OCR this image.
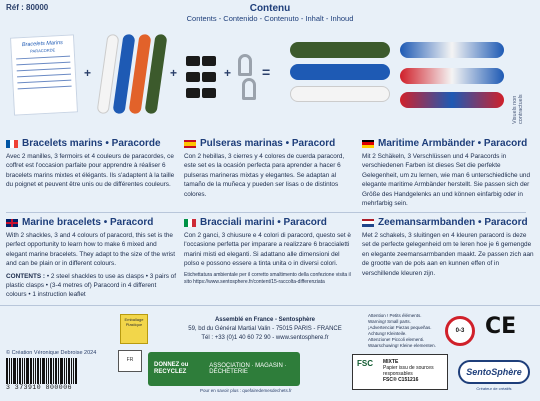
Réf : 80000	Contenu
Contents - Contenido - Contenuto - Inhalt - Inhoud
Bracelets Marins
PARACORDE
+	+	+ =
Visuels non contractuels
Bracelets marins • Paracorde
Avec 2 manilles, 3 fermoirs et 4 couleurs de paracordes, ce coffret est l'occasion parfaite pour apprendre à réaliser 6 bracelets marins mixtes et élégants. Ils s'adaptent à la taille du poignet et peuvent être unis ou de différentes couleurs.
Pulseras marinas • Paracord
Con 2 hebillas, 3 cierres y 4 colores de cuerda paracord, este set es la ocasión perfecta para aprender a hacer 6 pulseras marineras mixtas y elegantes. Se adaptan al tamaño de la muñeca y pueden ser lisas o de distintos colores.
Maritime Armbänder • Paracord
Mit 2 Schäkeln, 3 Verschlüssen und 4 Paracords in verschiedenen Farben ist dieses Set die perfekte Gelegenheit, um zu lernen, wie man 6 unterschiedliche und elegante maritime Armbänder herstellt. Sie passen sich der Größe des Handgelenks an und können einfarbig oder in mehrfarbig sein.
Marine bracelets • Paracord
With 2 shackles, 3 and 4 colours of paracord, this set is the perfect opportunity to learn how to make 6 mixed and elegant marine bracelets. They adapt to the size of the wrist and can be plain or in different colours.
CONTENTS : • 2 steel shackles to use as clasps • 3 pairs of plastic clasps • (3-4 metres of) Paracord in 4 different colours • 1 instruction leaflet
Bracciali marini • Paracord
Con 2 ganci, 3 chiusure e 4 colori di paracord, questo set è l'occasione perfetta per imparare a realizzare 6 braccialetti marini misti ed eleganti. Si adattano alle dimensioni del polso e possono essere a tinta unita o in diversi colori.
Etichettatura ambientale per il corretto smaltimento della confezione visita il sito https://www.sentosphere.fr/content/15-raccolta-differenziata
Zeemansarmbanden • Paracord
Met 2 schakels, 3 sluitingen en 4 kleuren paracord is deze set de perfecte gelegenheid om te leren hoe je 6 gemengde en elegante zeemansarmbanden maakt. Ze passen zich aan de grootte van de pols aan en kunnen effen of in verschillende kleuren zijn.
Emballage Plastique
Assemblé en France - Sentosphère
59, bd du Général Martial Valin - 75015 PARIS - FRANCE
Tél : +33 (0)1 40 60 72 90 - www.sentosphere.fr
Attention ! Petits éléments.
Warning! Small parts.
¡Advertencia! Piezas pequeñas.
Achtung! Kleinteile.
Attenzione! Piccoli elementi.
Waarschuwing! Kleine elementen.
0-3 CE
© Création Véronique Debroise 2024
3 373910 800006
FR
DONNEZ ou RECYCLEZ
ASSOCIATION · MAGASIN · DÉCHÈTERIE
Pour en savoir plus : quefairedemesdechets.fr
FSC MIXTE
Papier issu de sources responsables
FSC® C151216
SentoSphère
Créateur de créatifs
